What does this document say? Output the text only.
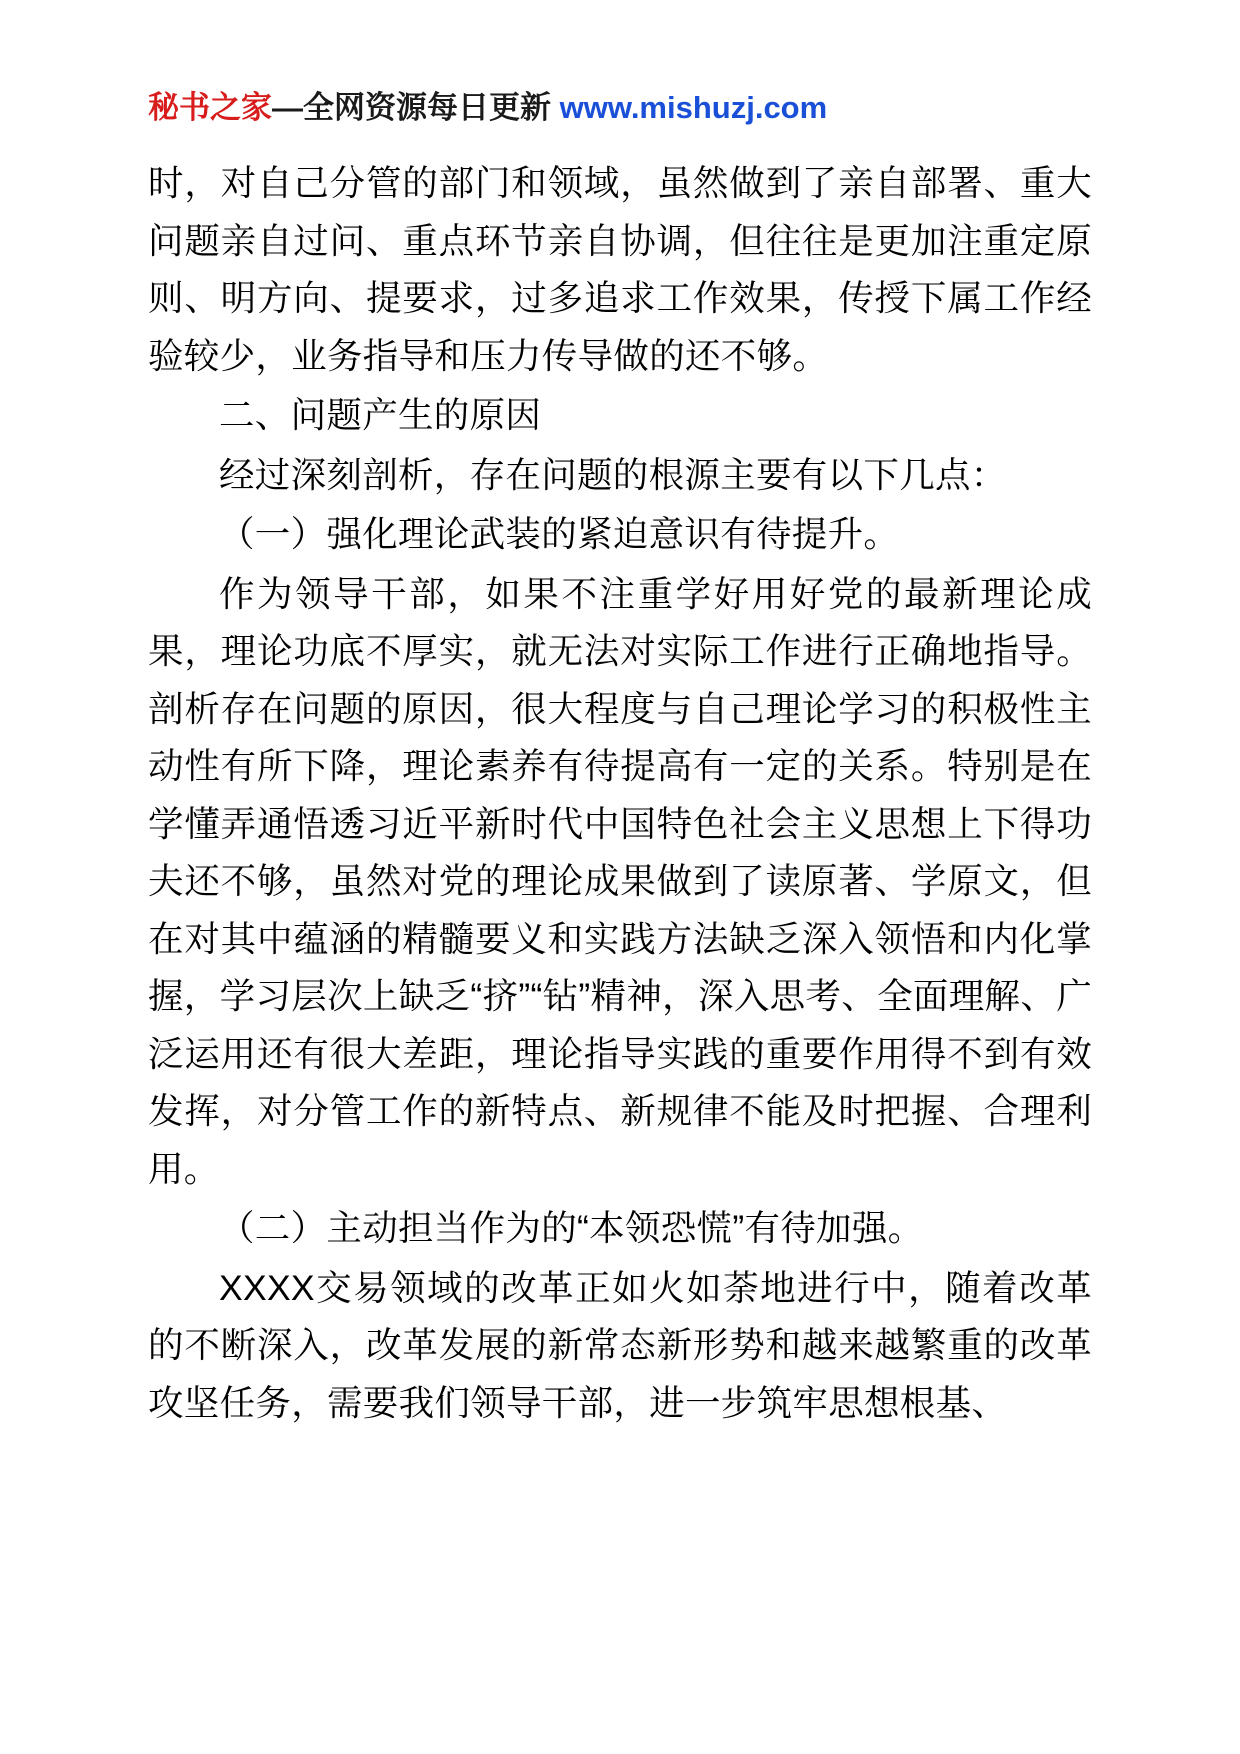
秘书之家—全网资源每日更新 www.mishuzj.com

时，对自己分管的部门和领域，虽然做到了亲自部署、重大问题亲自过问、重点环节亲自协调，但往往是更加注重定原则、明方向、提要求，过多追求工作效果，传授下属工作经验较少，业务指导和压力传导做的还不够。

二、问题产生的原因

经过深刻剖析，存在问题的根源主要有以下几点：

（一）强化理论武装的紧迫意识有待提升。

作为领导干部，如果不注重学好用好党的最新理论成果，理论功底不厚实，就无法对实际工作进行正确地指导。剖析存在问题的原因，很大程度与自己理论学习的积极性主动性有所下降，理论素养有待提高有一定的关系。特别是在学懂弄通悟透习近平新时代中国特色社会主义思想上下得功夫还不够，虽然对党的理论成果做到了读原著、学原文，但在对其中蕴涵的精髓要义和实践方法缺乏深入领悟和内化掌握，学习层次上缺乏“挤”“钻”精神，深入思考、全面理解、广泛运用还有很大差距，理论指导实践的重要作用得不到有效发挥，对分管工作的新特点、新规律不能及时把握、合理利用。

（二）主动担当作为的“本领恐慌”有待加强。

XXXX交易领域的改革正如火如荼地进行中，随着改革的不断深入，改革发展的新常态新形势和越来越繁重的改革攻坚任务，需要我们领导干部，进一步筑牢思想根基、
